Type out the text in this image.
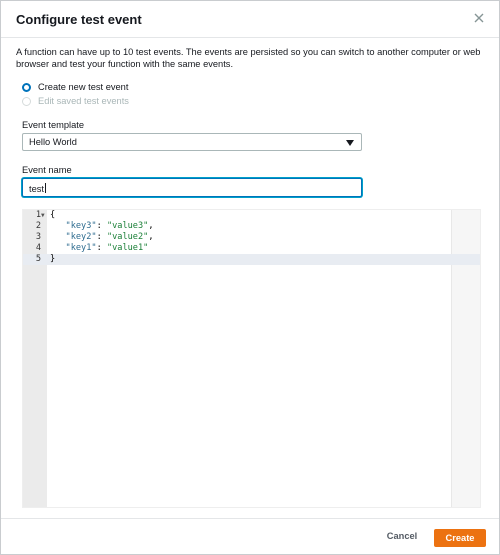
Configure test event
A function can have up to 10 test events. The events are persisted so you can switch to another computer or web browser and test your function with the same events.
Create new test event
Edit saved test events
Event template
Hello World
Event name
test
1 ▼ {
2	"key3": "value3",
3	"key2": "value2",
4	"key1": "value1"
5 }
Cancel	Create
